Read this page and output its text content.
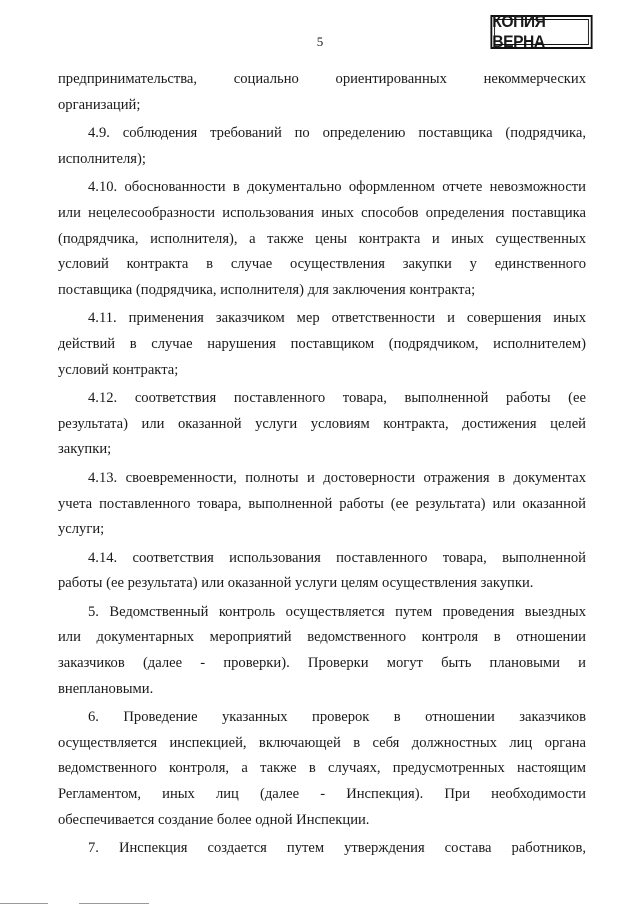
5
КОПИЯ ВЕРНА
предпринимательства, социально ориентированных некоммерческих
организаций;
4.9. соблюдения требований по определению поставщика (подрядчика,
исполнителя);
4.10. обоснованности в документально оформленном отчете невозможности
или нецелесообразности использования иных способов определения поставщика
(подрядчика, исполнителя), а также цены контракта и иных существенных
условий контракта в случае осуществления закупки у единственного
поставщика (подрядчика, исполнителя) для заключения контракта;
4.11. применения заказчиком мер ответственности и совершения иных
действий в случае нарушения поставщиком (подрядчиком, исполнителем)
условий контракта;
4.12. соответствия поставленного товара, выполненной работы (ее
результата) или оказанной услуги условиям контракта, достижения целей
закупки;
4.13. своевременности, полноты и достоверности отражения в документах
учета поставленного товара, выполненной работы (ее результата) или оказанной
услуги;
4.14. соответствия использования поставленного товара, выполненной
работы (ее результата) или оказанной услуги целям осуществления закупки.
5. Ведомственный контроль осуществляется путем проведения выездных
или документарных мероприятий ведомственного контроля в отношении
заказчиков (далее - проверки). Проверки могут быть плановыми и
внеплановыми.
6. Проведение указанных проверок в отношении заказчиков
осуществляется инспекцией, включающей в себя должностных лиц органа
ведомственного контроля, а также в случаях, предусмотренных настоящим
Регламентом, иных лиц (далее - Инспекция). При необходимости
обеспечивается создание более одной Инспекции.
7. Инспекция создается путем утверждения состава работников,
